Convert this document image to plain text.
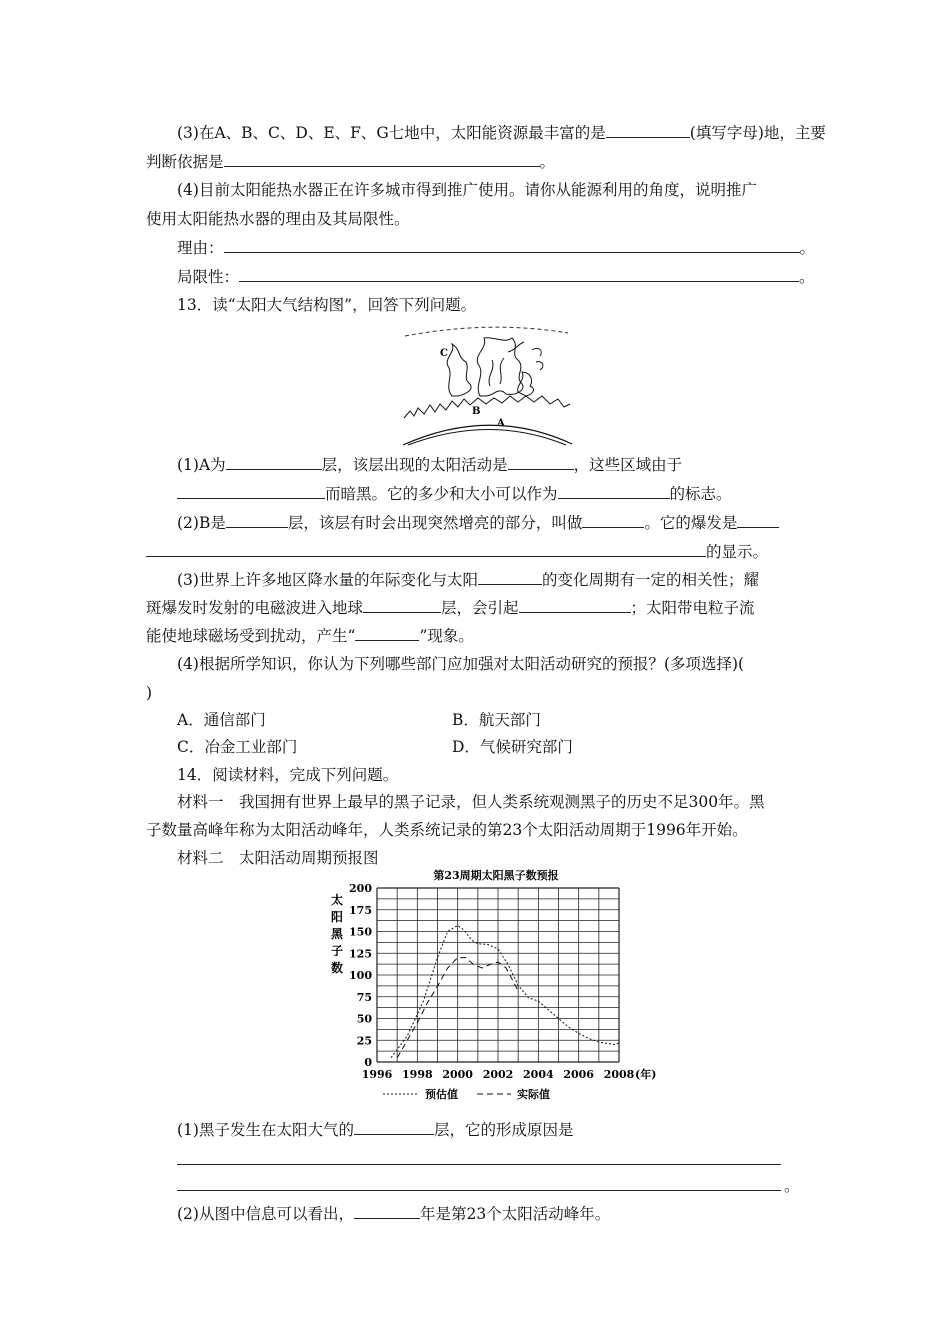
(3)在A、B、C、D、E、F、G七地中，太阳能资源最丰富的是	(填写字母)地，主要
判断依据是	。
(4)目前太阳能热水器正在许多城市得到推广使用。请你从能源利用的角度，说明推广
使用太阳能热水器的理由及其局限性。
理由：	。
局限性：	。
13．读“太阳大气结构图”，回答下列问题。
C
B
A
(1)A为	层，该层出现的太阳活动是	，这些区域由于
而暗黑。它的多少和大小可以作为	的标志。
(2)B是	层，该层有时会出现突然增亮的部分，叫做	。它的爆发是
的显示。
(3)世界上许多地区降水量的年际变化与太阳	的变化周期有一定的相关性；耀
斑爆发时发射的电磁波进入地球	层，会引起	；太阳带电粒子流
能使地球磁场受到扰动，产生“	”现象。
(4)根据所学知识，你认为下列哪些部门应加强对太阳活动研究的预报？(多项选择)(
)
A．通信部门	B．航天部门
C．冶金工业部门	D．气候研究部门
14．阅读材料，完成下列问题。
材料一　我国拥有世界上最早的黑子记录，但人类系统观测黑子的历史不足300年。黑
子数量高峰年称为太阳活动峰年，人类系统记录的第23个太阳活动周期于1996年开始。
材料二　太阳活动周期预报图
第23周期太阳黑子数预报
太
阳
黑
子
数
0
25
50
75
100
125
150
175
200
1996 1998 2000 2002 2004 2006 2008 (年)
预估值	实际值
(1)黑子发生在太阳大气的	层，它的形成原因是
。
(2)从图中信息可以看出，	年是第23个太阳活动峰年。
